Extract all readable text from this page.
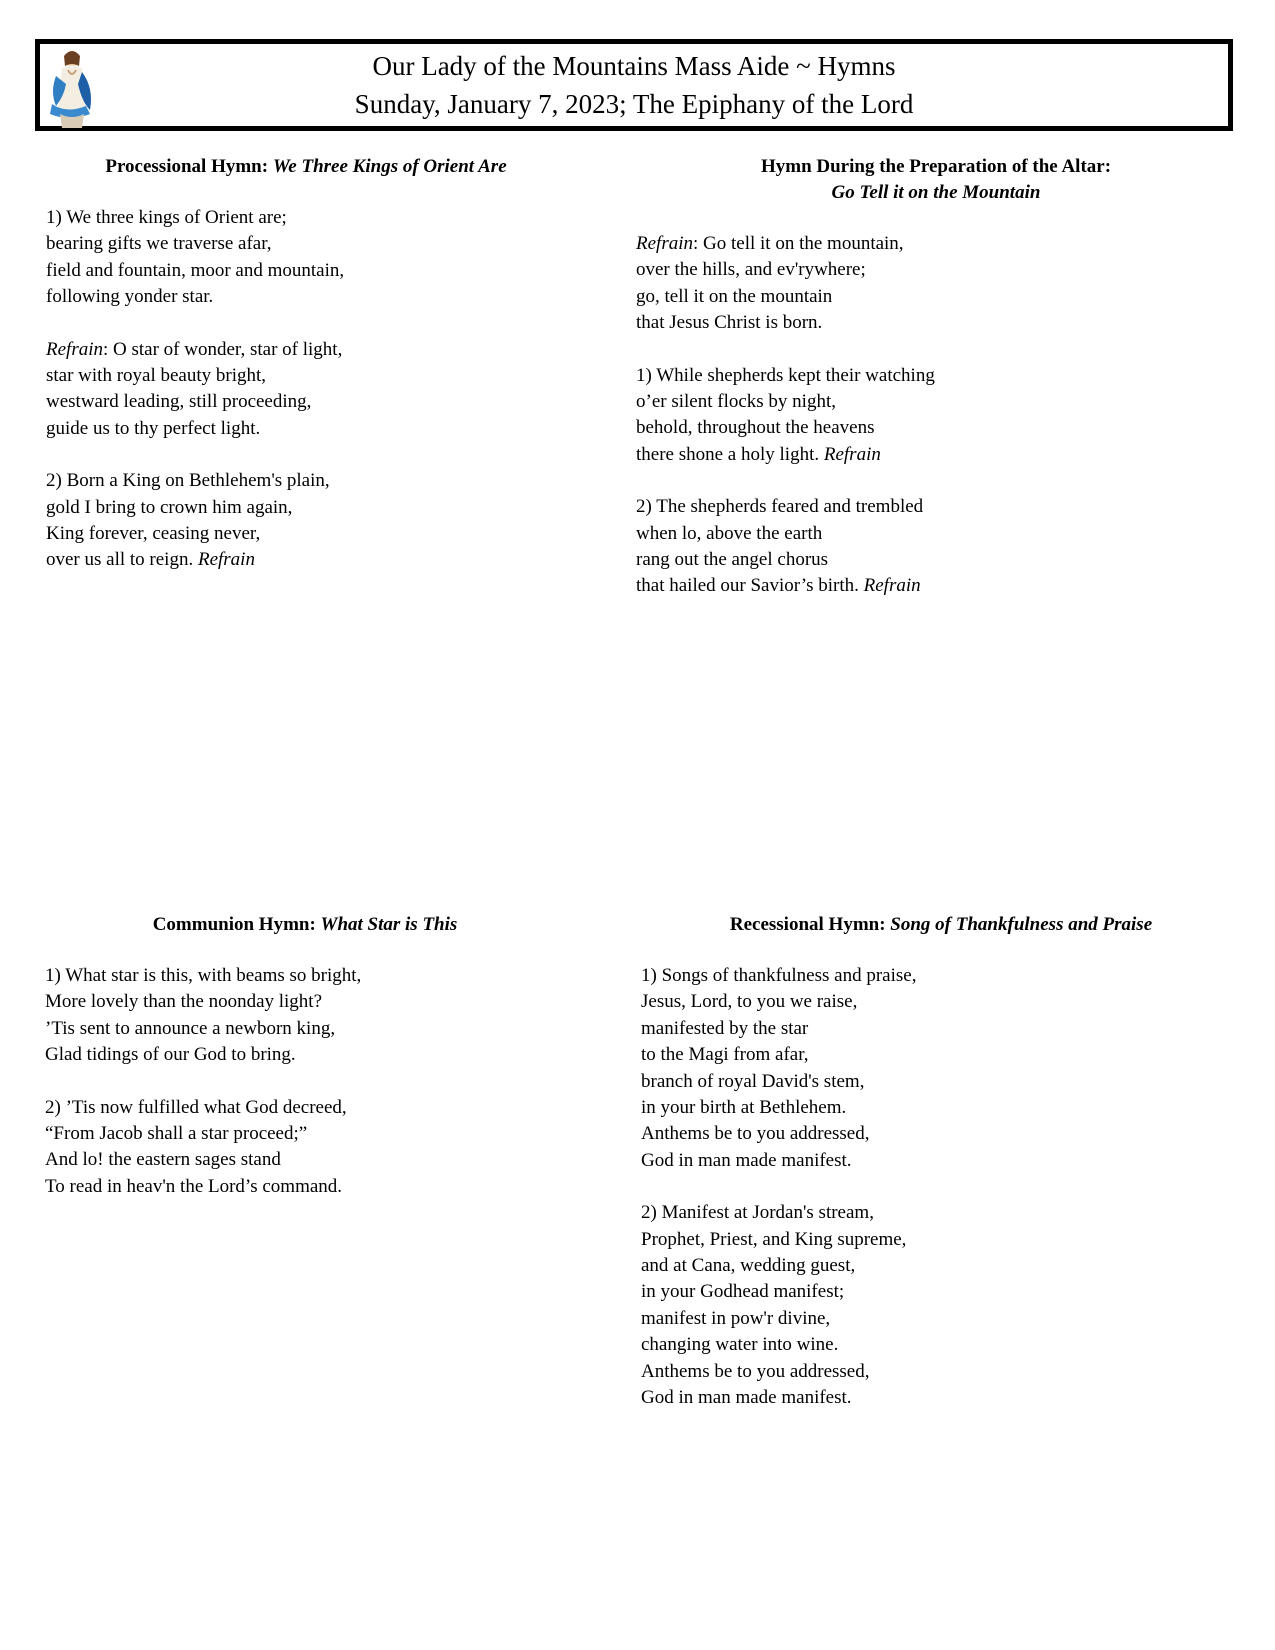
Our Lady of the Mountains Mass Aide ~ Hymns
Sunday, January 7, 2023; The Epiphany of the Lord
Processional Hymn: We Three Kings of Orient Are
1) We three kings of Orient are;
bearing gifts we traverse afar,
field and fountain, moor and mountain,
following yonder star.
Refrain: O star of wonder, star of light,
star with royal beauty bright,
westward leading, still proceeding,
guide us to thy perfect light.
2) Born a King on Bethlehem's plain,
gold I bring to crown him again,
King forever, ceasing never,
over us all to reign. Refrain
Hymn During the Preparation of the Altar:
Go Tell it on the Mountain
Refrain: Go tell it on the mountain,
over the hills, and ev'rywhere;
go, tell it on the mountain
that Jesus Christ is born.
1) While shepherds kept their watching
o’er silent flocks by night,
behold, throughout the heavens
there shone a holy light. Refrain
2) The shepherds feared and trembled
when lo, above the earth
rang out the angel chorus
that hailed our Savior’s birth. Refrain
Communion Hymn: What Star is This
1) What star is this, with beams so bright,
More lovely than the noonday light?
’Tis sent to announce a newborn king,
Glad tidings of our God to bring.
2) ’Tis now fulfilled what God decreed,
“From Jacob shall a star proceed;”
And lo! the eastern sages stand
To read in heav'n the Lord’s command.
Recessional Hymn: Song of Thankfulness and Praise
1) Songs of thankfulness and praise,
Jesus, Lord, to you we raise,
manifested by the star
to the Magi from afar,
branch of royal David's stem,
in your birth at Bethlehem.
Anthems be to you addressed,
God in man made manifest.
2) Manifest at Jordan's stream,
Prophet, Priest, and King supreme,
and at Cana, wedding guest,
in your Godhead manifest;
manifest in pow'r divine,
changing water into wine.
Anthems be to you addressed,
God in man made manifest.
